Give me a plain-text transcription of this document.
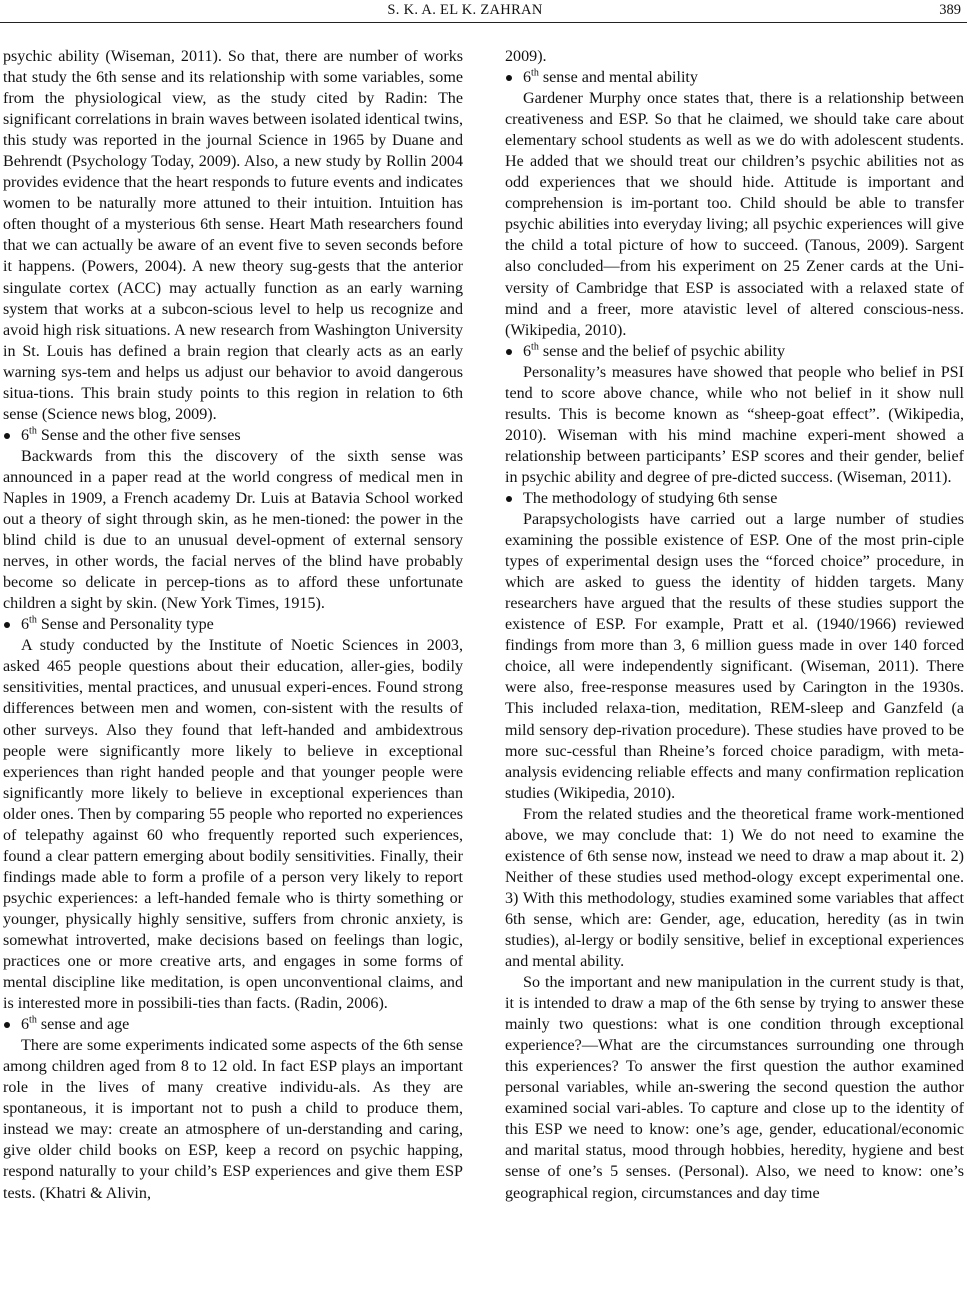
S. K. A. EL K. ZAHRAN	389

psychic ability (Wiseman, 2011). So that, there are number of works that study the 6th sense and its relationship with some variables, some from the physiological view, as the study cited by Radin: The significant correlations in brain waves between isolated identical twins, this study was reported in the journal Science in 1965 by Duane and Behrendt (Psychology Today, 2009). Also, a new study by Rollin 2004 provides evidence that the heart responds to future events and indicates women to be naturally more attuned to their intuition. Intuition has often thought of a mysterious 6th sense. Heart Math researchers found that we can actually be aware of an event five to seven seconds before it happens. (Powers, 2004). A new theory sug-gests that the anterior singulate cortex (ACC) may actually function as an early warning system that works at a subcon-scious level to help us recognize and avoid high risk situations. A new research from Washington University in St. Louis has defined a brain region that clearly acts as an early warning sys-tem and helps us adjust our behavior to avoid dangerous situa-tions. This brain study points to this region in relation to 6th sense (Science news blog, 2009).

6th Sense and the other five senses

Backwards from this the discovery of the sixth sense was announced in a paper read at the world congress of medical men in Naples in 1909, a French academy Dr. Luis at Batavia School worked out a theory of sight through skin, as he men-tioned: the power in the blind child is due to an unusual devel-opment of external sensory nerves, in other words, the facial nerves of the blind have probably become so delicate in percep-tions as to afford these unfortunate children a sight by skin. (New York Times, 1915).

6th Sense and Personality type

A study conducted by the Institute of Noetic Sciences in 2003, asked 465 people questions about their education, aller-gies, bodily sensitivities, mental practices, and unusual experi-ences. Found strong differences between men and women, con-sistent with the results of other surveys. Also they found that left-handed and ambidextrous people were significantly more likely to believe in exceptional experiences than right handed people and that younger people were significantly more likely to believe in exceptional experiences than older ones. Then by comparing 55 people who reported no experiences of telepathy against 60 who frequently reported such experiences, found a clear pattern emerging about bodily sensitivities. Finally, their findings made able to form a profile of a person very likely to report psychic experiences: a left-handed female who is thirty something or younger, physically highly sensitive, suffers from chronic anxiety, is somewhat introverted, make decisions based on feelings than logic, practices one or more creative arts, and engages in some forms of mental discipline like meditation, is open unconventional claims, and is interested more in possibili-ties than facts. (Radin, 2006).

6th sense and age

There are some experiments indicated some aspects of the 6th sense among children aged from 8 to 12 old. In fact ESP plays an important role in the lives of many creative individu-als. As they are spontaneous, it is important not to push a child to produce them, instead we may: create an atmosphere of un-derstanding and caring, give older child books on ESP, keep a record on psychic happing, respond naturally to your child’s ESP experiences and give them ESP tests. (Khatri & Alivin,

2009).

6th sense and mental ability

Gardener Murphy once states that, there is a relationship between creativeness and ESP. So that he claimed, we should take care about elementary school students as well as we do with adolescent students. He added that we should treat our children’s psychic abilities not as odd experiences that we should hide. Attitude is important and comprehension is im-portant too. Child should be able to transfer psychic abilities into everyday living; all psychic experiences will give the child a total picture of how to succeed. (Tanous, 2009). Sargent also concluded—from his experiment on 25 Zener cards at the Uni-versity of Cambridge that ESP is associated with a relaxed state of mind and a freer, more atavistic level of altered conscious-ness. (Wikipedia, 2010).

6th sense and the belief of psychic ability

Personality’s measures have showed that people who belief in PSI tend to score above chance, while who not belief in it show null results. This is become known as “sheep-goat effect”. (Wikipedia, 2010). Wiseman with his mind machine experi-ment showed a relationship between participants’ ESP scores and their gender, belief in psychic ability and degree of pre-dicted success. (Wiseman, 2011).

The methodology of studying 6th sense

Parapsychologists have carried out a large number of studies examining the possible existence of ESP. One of the most prin-ciple types of experimental design uses the “forced choice” procedure, in which are asked to guess the identity of hidden targets. Many researchers have argued that the results of these studies support the existence of ESP. For example, Pratt et al. (1940/1966) reviewed findings from more than 3, 6 million guess made in over 140 forced choice, all were independently significant. (Wiseman, 2011). There were also, free-response measures used by Carington in the 1930s. This included relaxa-tion, meditation, REM-sleep and Ganzfeld (a mild sensory dep-rivation procedure). These studies have proved to be more suc-cessful than Rheine’s forced choice paradigm, with meta-analysis evidencing reliable effects and many confirmation replication studies (Wikipedia, 2010).

From the related studies and the theoretical frame work-mentioned above, we may conclude that: 1) We do not need to examine the existence of 6th sense now, instead we need to draw a map about it. 2) Neither of these studies used method-ology except experimental one. 3) With this methodology, studies examined some variables that affect 6th sense, which are: Gender, age, education, heredity (as in twin studies), al-lergy or bodily sensitive, belief in exceptional experiences and mental ability.

So the important and new manipulation in the current study is that, it is intended to draw a map of the 6th sense by trying to answer these mainly two questions: what is one condition through exceptional experience?—What are the circumstances surrounding one through this experiences? To answer the first question the author examined personal variables, while an-swering the second question the author examined social vari-ables. To capture and close up to the identity of this ESP we need to know: one’s age, gender, educational/economic and marital status, mood through hobbies, heredity, hygiene and best sense of one’s 5 senses. (Personal). Also, we need to know: one’s geographical region, circumstances and day time
